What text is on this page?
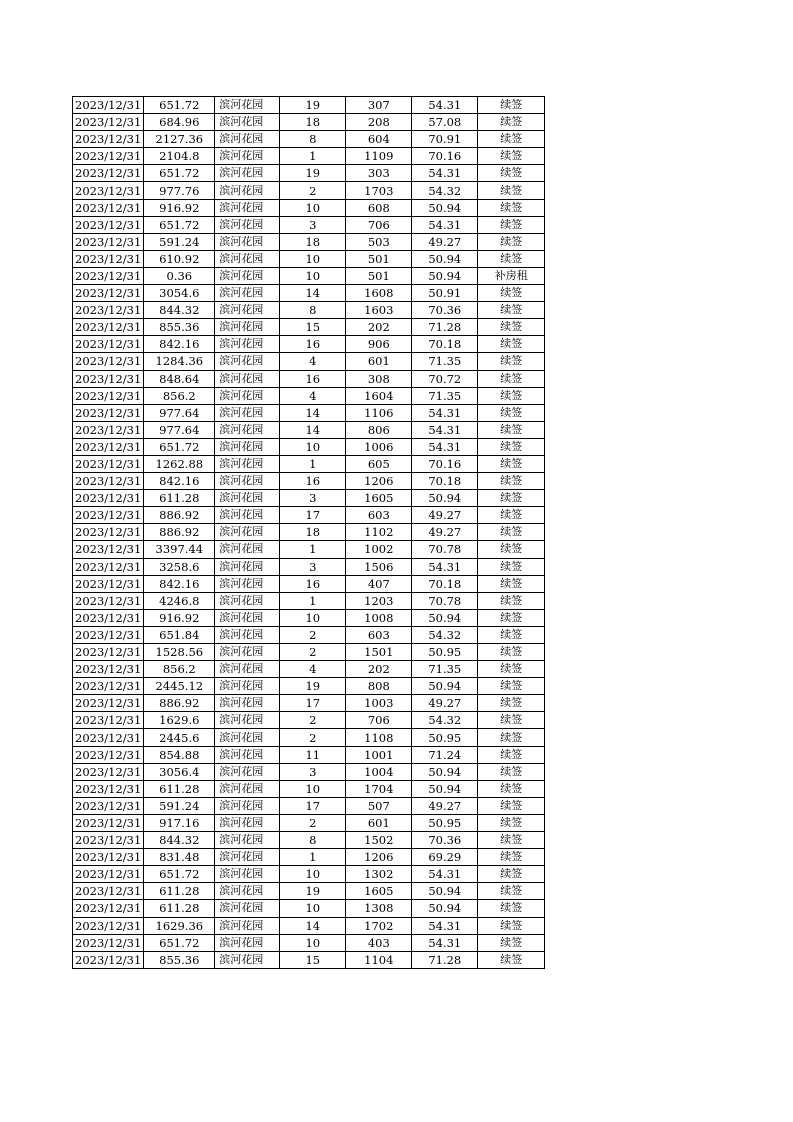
2023/12/31	651.72	滨河花园	19	307	54.31	续签
2023/12/31	684.96	滨河花园	18	208	57.08	续签
2023/12/31	2127.36	滨河花园	8	604	70.91	续签
2023/12/31	2104.8	滨河花园	1	1109	70.16	续签
2023/12/31	651.72	滨河花园	19	303	54.31	续签
2023/12/31	977.76	滨河花园	2	1703	54.32	续签
2023/12/31	916.92	滨河花园	10	608	50.94	续签
2023/12/31	651.72	滨河花园	3	706	54.31	续签
2023/12/31	591.24	滨河花园	18	503	49.27	续签
2023/12/31	610.92	滨河花园	10	501	50.94	续签
2023/12/31	0.36	滨河花园	10	501	50.94	补房租
2023/12/31	3054.6	滨河花园	14	1608	50.91	续签
2023/12/31	844.32	滨河花园	8	1603	70.36	续签
2023/12/31	855.36	滨河花园	15	202	71.28	续签
2023/12/31	842.16	滨河花园	16	906	70.18	续签
2023/12/31	1284.36	滨河花园	4	601	71.35	续签
2023/12/31	848.64	滨河花园	16	308	70.72	续签
2023/12/31	856.2	滨河花园	4	1604	71.35	续签
2023/12/31	977.64	滨河花园	14	1106	54.31	续签
2023/12/31	977.64	滨河花园	14	806	54.31	续签
2023/12/31	651.72	滨河花园	10	1006	54.31	续签
2023/12/31	1262.88	滨河花园	1	605	70.16	续签
2023/12/31	842.16	滨河花园	16	1206	70.18	续签
2023/12/31	611.28	滨河花园	3	1605	50.94	续签
2023/12/31	886.92	滨河花园	17	603	49.27	续签
2023/12/31	886.92	滨河花园	18	1102	49.27	续签
2023/12/31	3397.44	滨河花园	1	1002	70.78	续签
2023/12/31	3258.6	滨河花园	3	1506	54.31	续签
2023/12/31	842.16	滨河花园	16	407	70.18	续签
2023/12/31	4246.8	滨河花园	1	1203	70.78	续签
2023/12/31	916.92	滨河花园	10	1008	50.94	续签
2023/12/31	651.84	滨河花园	2	603	54.32	续签
2023/12/31	1528.56	滨河花园	2	1501	50.95	续签
2023/12/31	856.2	滨河花园	4	202	71.35	续签
2023/12/31	2445.12	滨河花园	19	808	50.94	续签
2023/12/31	886.92	滨河花园	17	1003	49.27	续签
2023/12/31	1629.6	滨河花园	2	706	54.32	续签
2023/12/31	2445.6	滨河花园	2	1108	50.95	续签
2023/12/31	854.88	滨河花园	11	1001	71.24	续签
2023/12/31	3056.4	滨河花园	3	1004	50.94	续签
2023/12/31	611.28	滨河花园	10	1704	50.94	续签
2023/12/31	591.24	滨河花园	17	507	49.27	续签
2023/12/31	917.16	滨河花园	2	601	50.95	续签
2023/12/31	844.32	滨河花园	8	1502	70.36	续签
2023/12/31	831.48	滨河花园	1	1206	69.29	续签
2023/12/31	651.72	滨河花园	10	1302	54.31	续签
2023/12/31	611.28	滨河花园	19	1605	50.94	续签
2023/12/31	611.28	滨河花园	10	1308	50.94	续签
2023/12/31	1629.36	滨河花园	14	1702	54.31	续签
2023/12/31	651.72	滨河花园	10	403	54.31	续签
2023/12/31	855.36	滨河花园	15	1104	71.28	续签
